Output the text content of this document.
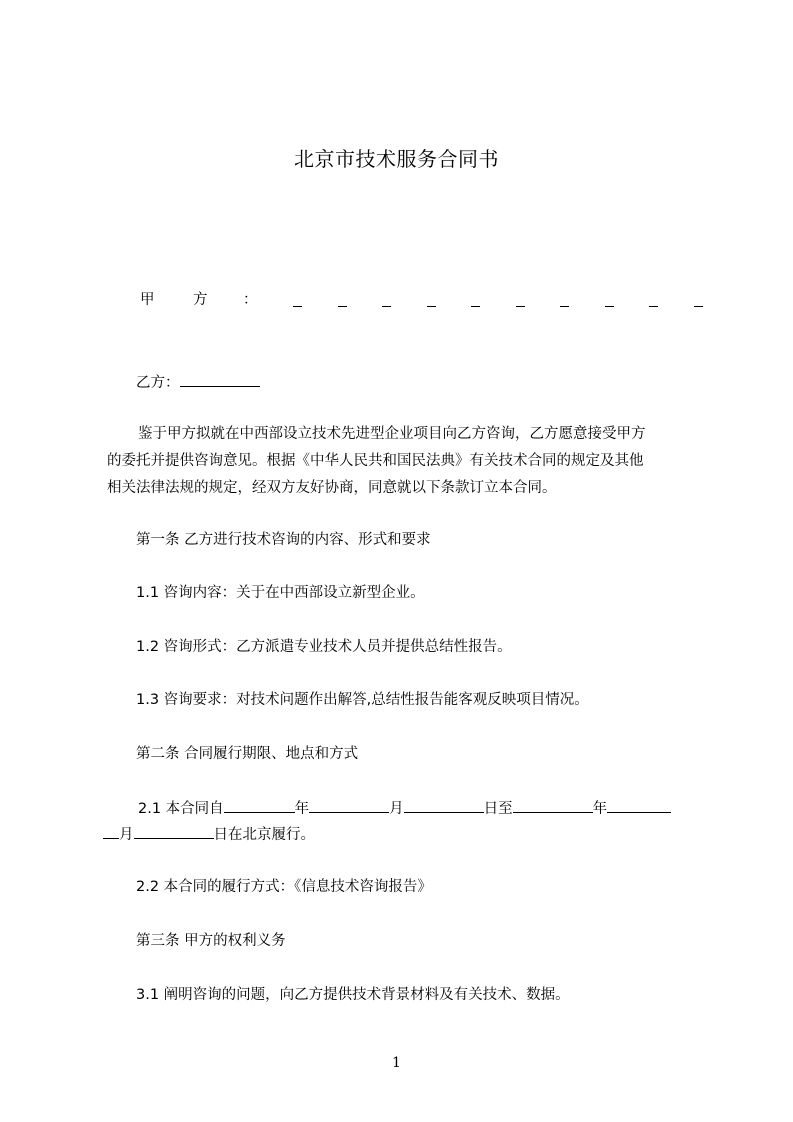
北京市技术服务合同书
甲	方 ：
乙方：
鉴于甲方拟就在中西部设立技术先进型企业项目向乙方咨询，乙方愿意接受甲方
的委托并提供咨询意见。根据《中华人民共和国民法典》有关技术合同的规定及其他
相关法律法规的规定，经双方友好协商，同意就以下条款订立本合同。
第一条 乙方进行技术咨询的内容、形式和要求
1.1 咨询内容：关于在中西部设立新型企业。
1.2 咨询形式：乙方派遣专业技术人员并提供总结性报告。
1.3 咨询要求：对技术问题作出解答,总结性报告能客观反映项目情况。
第二条 合同履行期限、地点和方式
2.1 本合同自	年	月	日至	年
月	日在北京履行。
2.2 本合同的履行方式：《信息技术咨询报告》
第三条 甲方的权利义务
3.1 阐明咨询的问题，向乙方提供技术背景材料及有关技术、数据。
1
